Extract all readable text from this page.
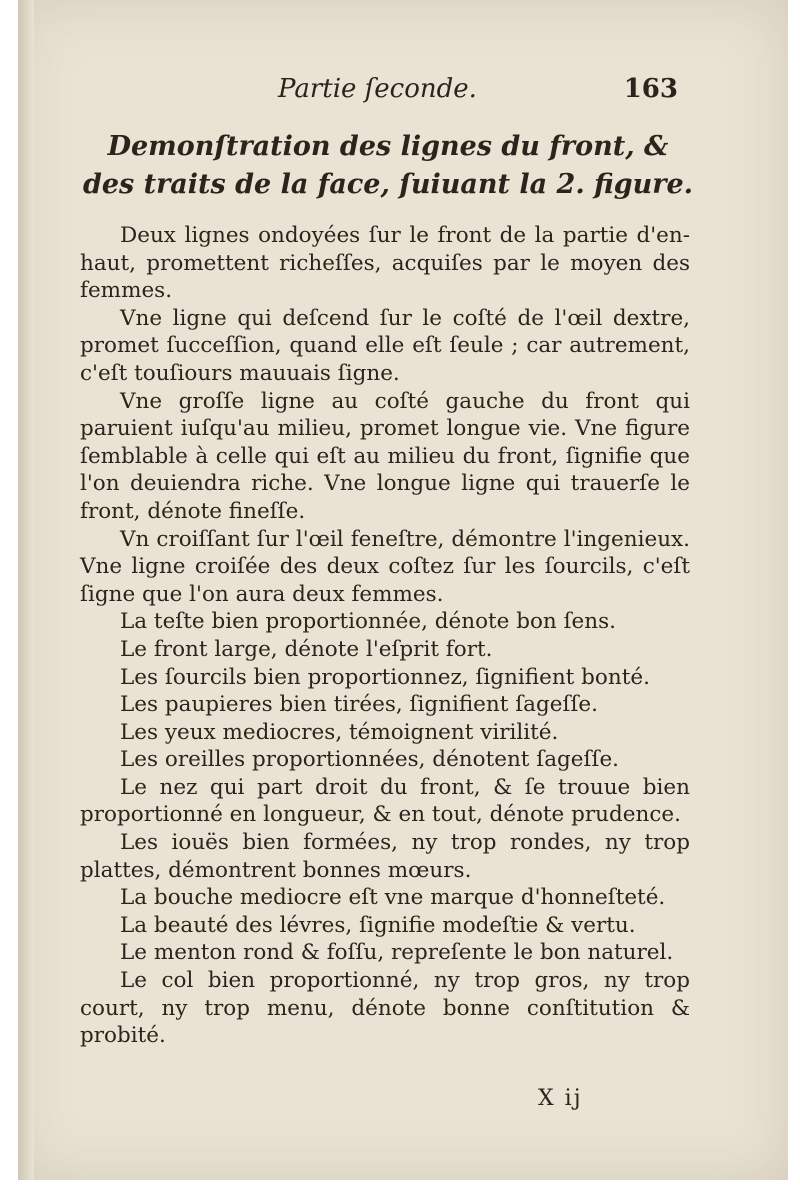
Partie ſeconde.	163
Demonſtration des lignes du front, & des traits de la face, ſuiuant la 2. figure.

Deux lignes ondoyées ſur le front de la partie d'en-haut, promettent richeſſes, acquiſes par le moyen des femmes.

Vne ligne qui deſcend ſur le coſté de l'œil dextre, promet ſucceſſion, quand elle eſt ſeule ; car autrement, c'eſt touſiours mauuais ſigne.

Vne groſſe ligne au coſté gauche du front qui paruient iuſqu'au milieu, promet longue vie. Vne figure ſemblable à celle qui eſt au milieu du front, ſignifie que l'on deuiendra riche. Vne longue ligne qui trauerſe le front, dénote fineſſe.

Vn croiſſant ſur l'œil feneſtre, démontre l'ingenieux. Vne ligne croiſée des deux coſtez ſur les ſourcils, c'eſt ſigne que l'on aura deux femmes.

La teſte bien proportionnée, dénote bon ſens.

Le front large, dénote l'eſprit fort.

Les ſourcils bien proportionnez, ſignifient bonté.

Les paupieres bien tirées, ſignifient ſageſſe.

Les yeux mediocres, témoignent virilité.

Les oreilles proportionnées, dénotent ſageſſe.

Le nez qui part droit du front, & ſe trouue bien proportionné en longueur, & en tout, dénote prudence.

Les iouës bien formées, ny trop rondes, ny trop plattes, démontrent bonnes mœurs.

La bouche mediocre eſt vne marque d'honneſteté.

La beauté des lévres, ſignifie modeſtie & vertu.

Le menton rond & foſſu, repreſente le bon naturel.

Le col bien proportionné, ny trop gros, ny trop court, ny trop menu, dénote bonne conſtitution & probité.

X ij
